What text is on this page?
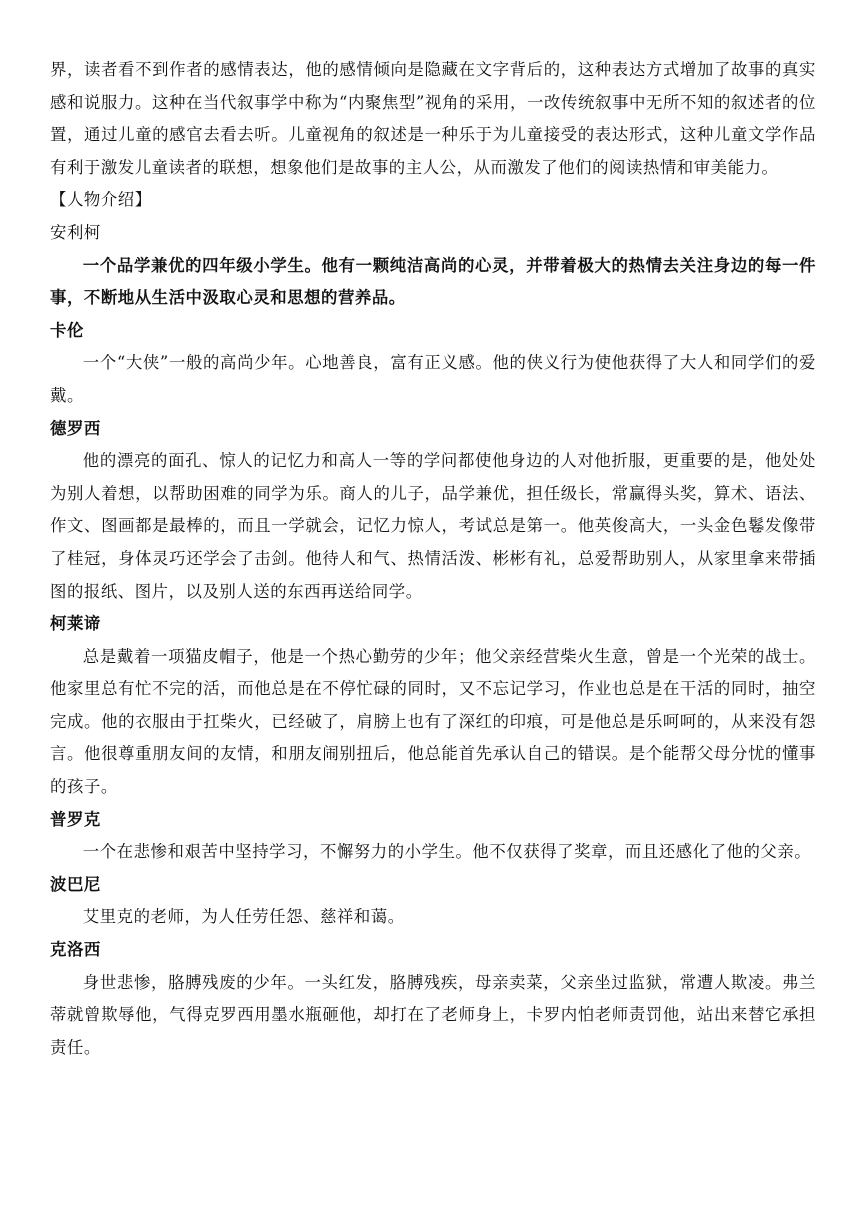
界，读者看不到作者的感情表达，他的感情倾向是隐藏在文字背后的，这种表达方式增加了故事的真实感和说服力。这种在当代叙事学中称为“内聚焦型”视角的采用，一改传统叙事中无所不知的叙述者的位置，通过儿童的感官去看去听。儿童视角的叙述是一种乐于为儿童接受的表达形式，这种儿童文学作品有利于激发儿童读者的联想，想象他们是故事的主人公，从而激发了他们的阅读热情和审美能力。

【人物介绍】

安利柯

一个品学兼优的四年级小学生。他有一颗纯洁高尚的心灵，并带着极大的热情去关注身边的每一件事，不断地从生活中汲取心灵和思想的营养品。

卡伦

一个“大侠”一般的高尚少年。心地善良，富有正义感。他的侠义行为使他获得了大人和同学们的爱戴。

德罗西

他的漂亮的面孔、惊人的记忆力和高人一等的学问都使他身边的人对他折服，更重要的是，他处处为别人着想，以帮助困难的同学为乐。商人的儿子，品学兼优，担任级长，常赢得头奖，算术、语法、作文、图画都是最棒的，而且一学就会，记忆力惊人，考试总是第一。他英俊高大，一头金色鬈发像带了桂冠，身体灵巧还学会了击剑。他待人和气、热情活泼、彬彬有礼，总爱帮助别人，从家里拿来带插图的报纸、图片，以及别人送的东西再送给同学。

柯莱谛

总是戴着一项猫皮帽子，他是一个热心勤劳的少年；他父亲经营柴火生意，曾是一个光荣的战士。他家里总有忙不完的活，而他总是在不停忙碌的同时，又不忘记学习，作业也总是在干活的同时，抽空完成。他的衣服由于扛柴火，已经破了，肩膀上也有了深红的印痕，可是他总是乐呵呵的，从来没有怨言。他很尊重朋友间的友情，和朋友闹别扭后，他总能首先承认自己的错误。是个能帮父母分忧的懂事的孩子。

普罗克

一个在悲惨和艰苦中坚持学习，不懈努力的小学生。他不仅获得了奖章，而且还感化了他的父亲。

波巴尼

艾里克的老师，为人任劳任怨、慈祥和蔼。

克洛西

身世悲惨，胳膊残废的少年。一头红发，胳膊残疾，母亲卖菜，父亲坐过监狱，常遭人欺凌。弗兰蒂就曾欺辱他，气得克罗西用墨水瓶砸他，却打在了老师身上，卡罗内怕老师责罚他，站出来替它承担责任。
